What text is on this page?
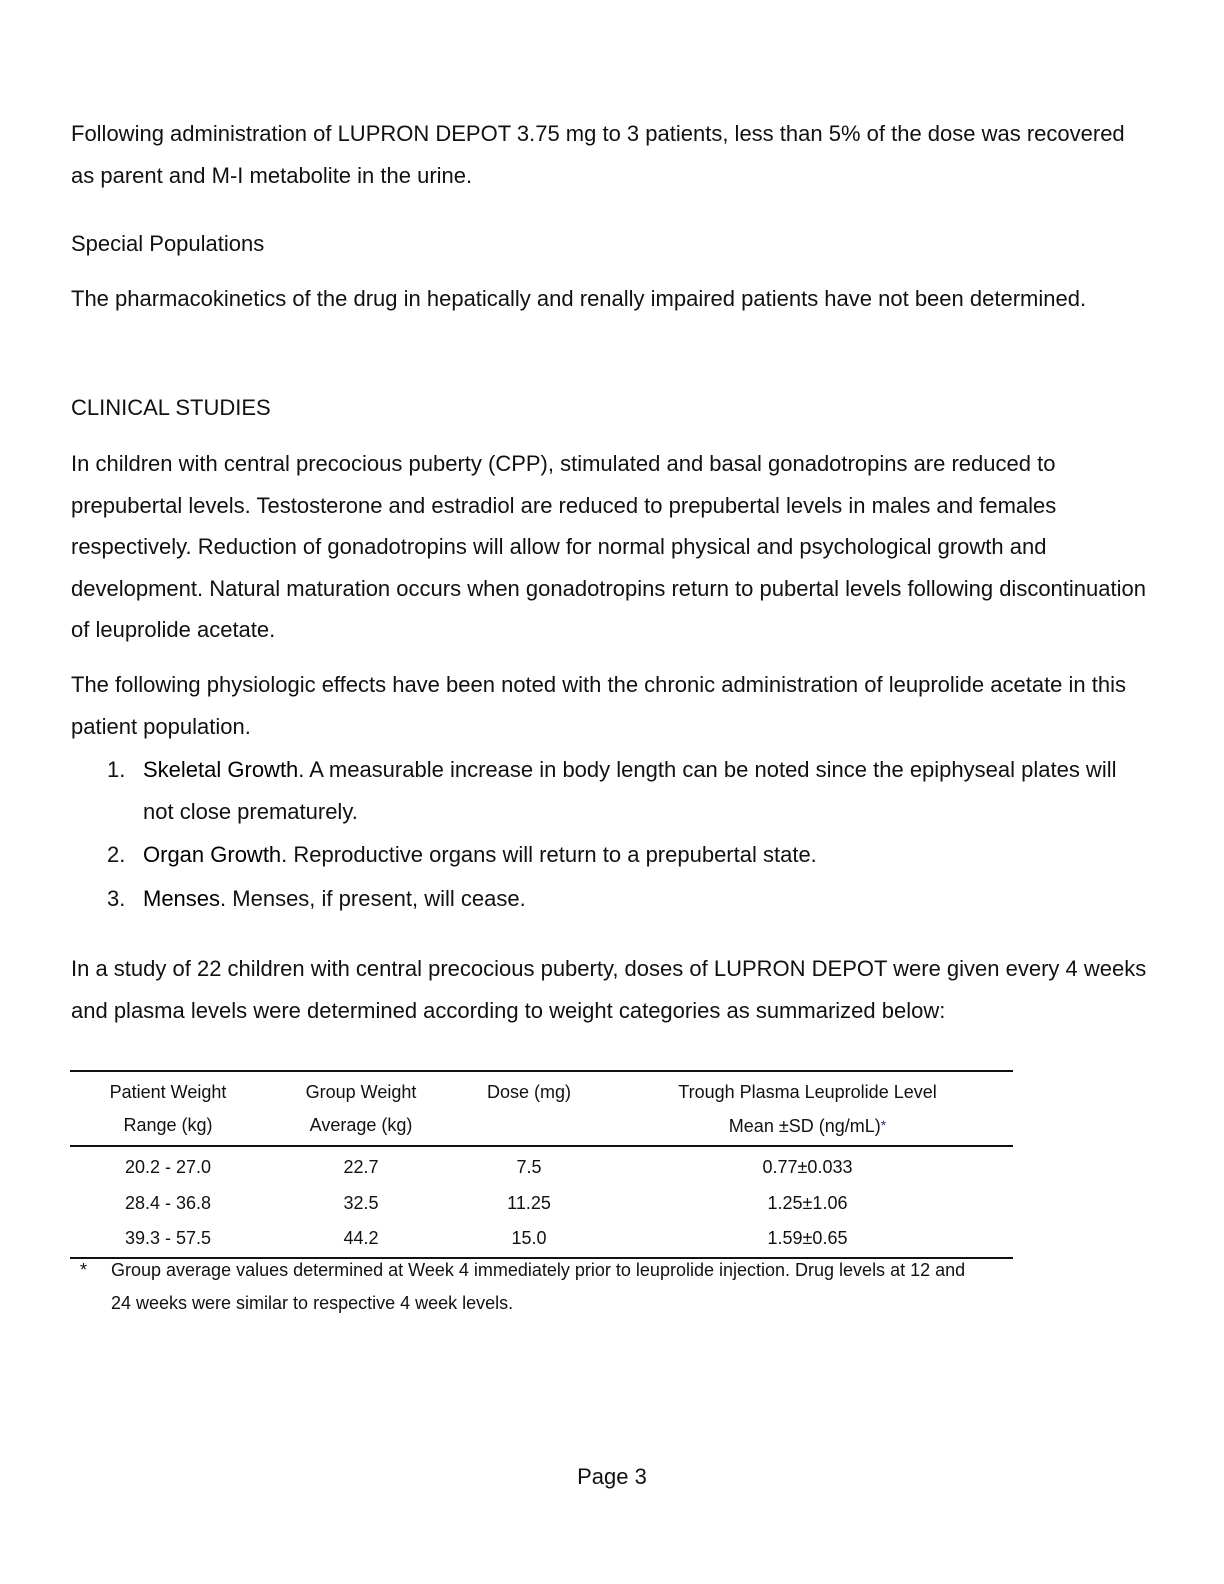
Following administration of LUPRON DEPOT 3.75 mg to 3 patients, less than 5% of the dose was recovered as parent and M-I metabolite in the urine.

Special Populations

The pharmacokinetics of the drug in hepatically and renally impaired patients have not been determined.

CLINICAL STUDIES

In children with central precocious puberty (CPP), stimulated and basal gonadotropins are reduced to prepubertal levels. Testosterone and estradiol are reduced to prepubertal levels in males and females respectively. Reduction of gonadotropins will allow for normal physical and psychological growth and development. Natural maturation occurs when gonadotropins return to pubertal levels following discontinuation of leuprolide acetate.

The following physiologic effects have been noted with the chronic administration of leuprolide acetate in this patient population.

1. Skeletal Growth. A measurable increase in body length can be noted since the epiphyseal plates will not close prematurely.
2. Organ Growth. Reproductive organs will return to a prepubertal state.
3. Menses. Menses, if present, will cease.

In a study of 22 children with central precocious puberty, doses of LUPRON DEPOT were given every 4 weeks and plasma levels were determined according to weight categories as summarized below:

Patient Weight	Group Weight	Dose (mg)	Trough Plasma Leuprolide Level
Range (kg)	Average (kg)		Mean ±SD (ng/mL)*
20.2 - 27.0	22.7	7.5	0.77±0.033
28.4 - 36.8	32.5	11.25	1.25±1.06
39.3 - 57.5	44.2	15.0	1.59±0.65
* Group average values determined at Week 4 immediately prior to leuprolide injection. Drug levels at 12 and 24 weeks were similar to respective 4 week levels.
Page 3
